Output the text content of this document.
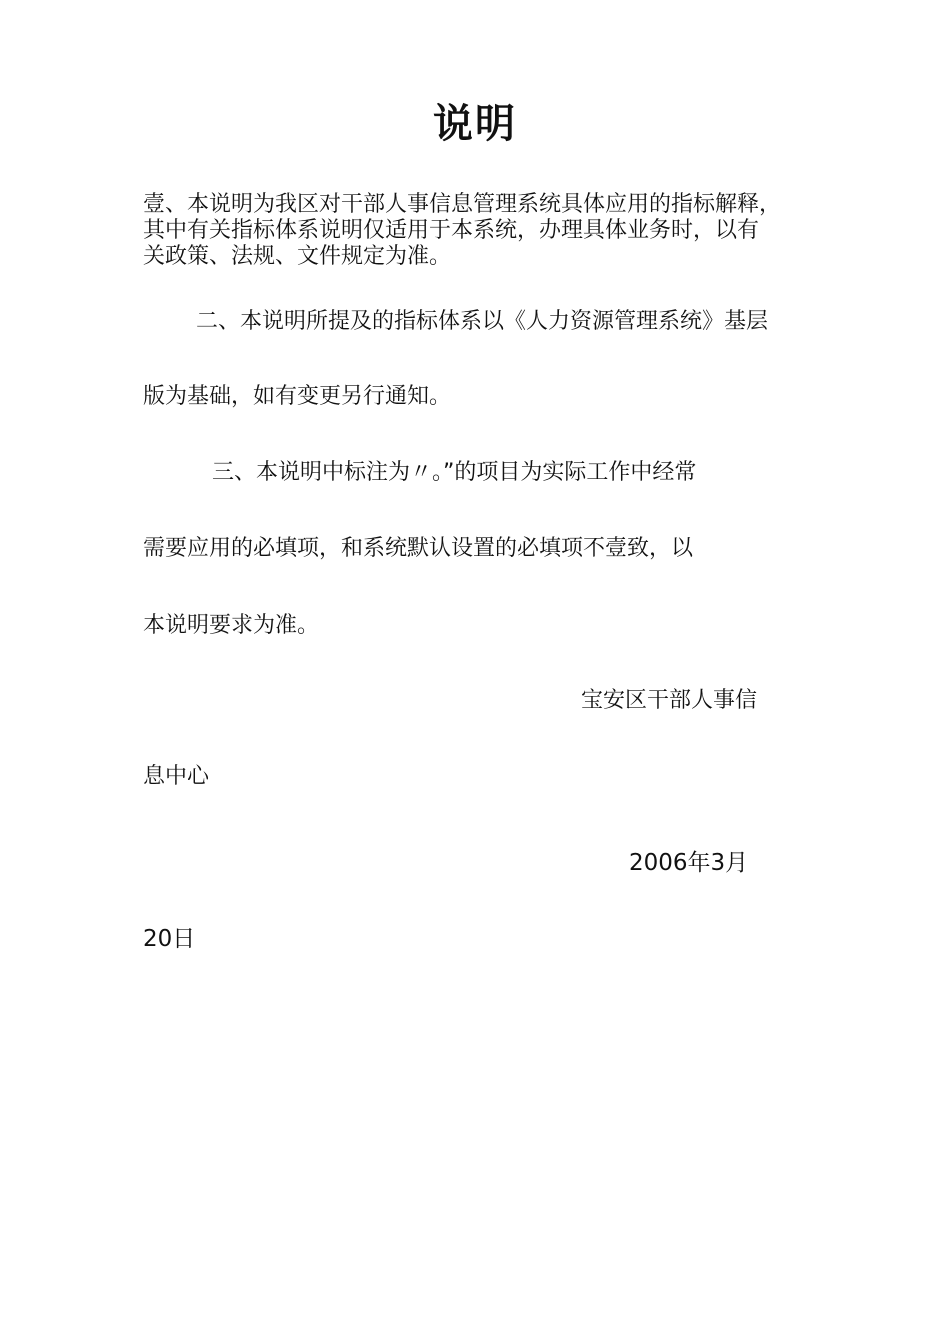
说明
壹、本说明为我区对干部人事信息管理系统具体应用的指标解释，
其中有关指标体系说明仅适用于本系统，办理具体业务时，以有
关政策、法规、文件规定为准。
二、本说明所提及的指标体系以《人力资源管理系统》基层
版为基础，如有变更另行通知。
三、本说明中标注为〃。”的项目为实际工作中经常
需要应用的必填项，和系统默认设置的必填项不壹致，以
本说明要求为准。
宝安区干部人事信
息中心
2006年3月
20日
